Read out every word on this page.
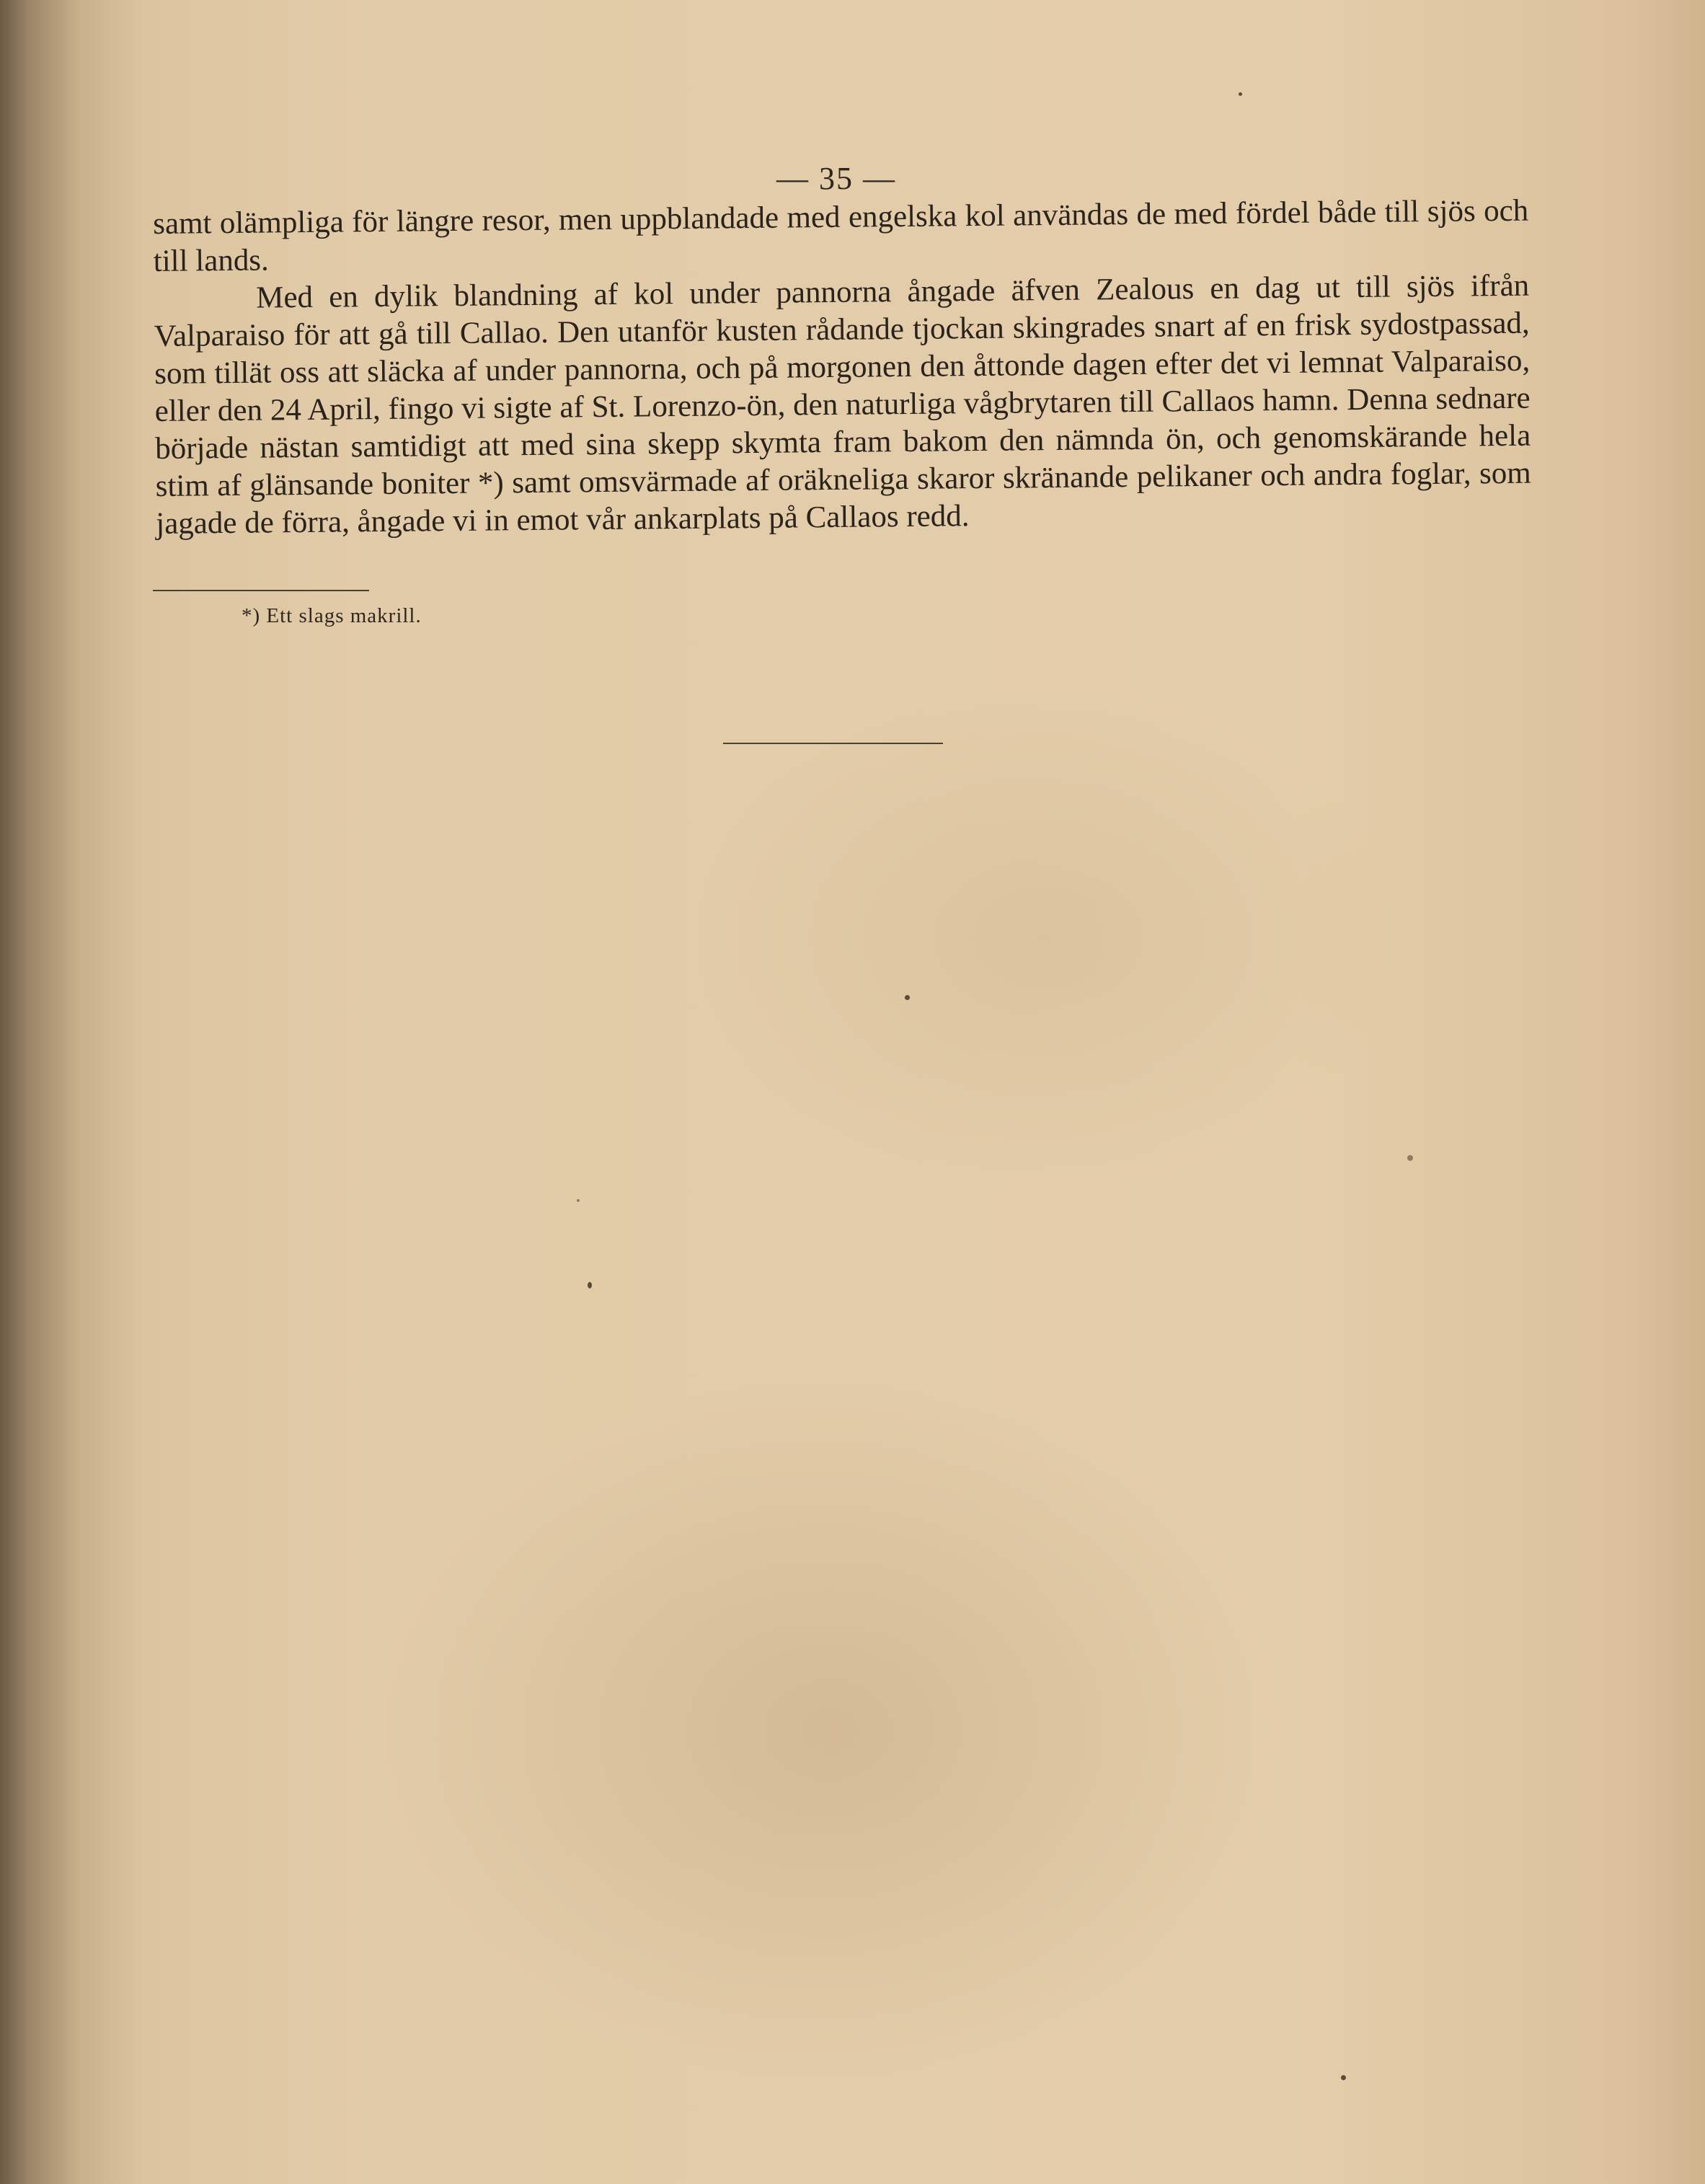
— 35 —

samt olämpliga för längre resor, men uppblandade med engelska kol användas de med fördel både till sjös och till lands.

Med en dylik blandning af kol under pannorna ångade äfven Zealous en dag ut till sjös ifrån Valparaiso för att gå till Callao. Den utanför kusten rådande tjockan skingrades snart af en frisk sydostpassad, som tillät oss att släcka af under pannorna, och på morgonen den åttonde dagen efter det vi lemnat Valparaiso, eller den 24 April, fingo vi sigte af St. Lorenzo-ön, den naturliga vågbrytaren till Callaos hamn. Denna sednare började nästan samtidigt att med sina skepp skymta fram bakom den nämnda ön, och genomskärande hela stim af glänsande boniter *) samt omsvärmade af oräkneliga skaror skränande pelikaner och andra foglar, som jagade de förra, ångade vi in emot vår ankarplats på Callaos redd.

*) Ett slags makrill.
